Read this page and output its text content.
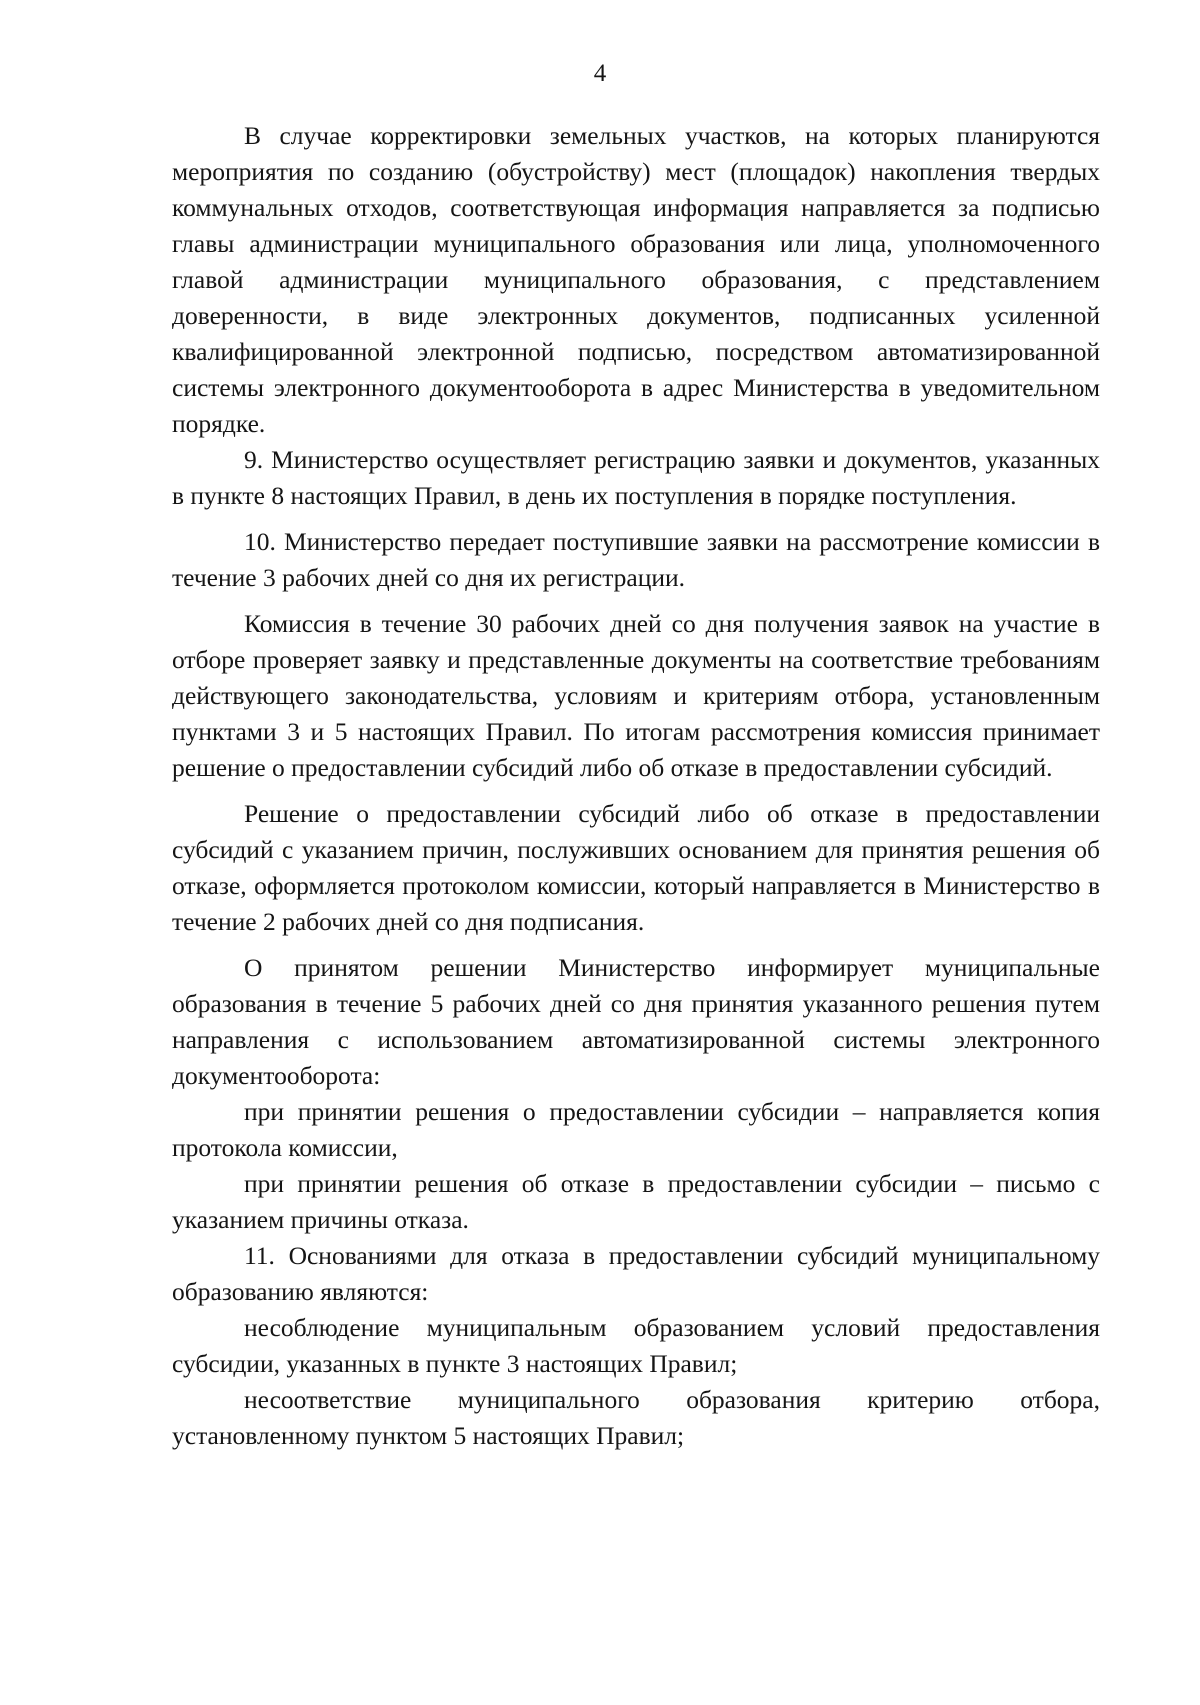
4

В случае корректировки земельных участков, на которых планируются мероприятия по созданию (обустройству) мест (площадок) накопления твердых коммунальных отходов, соответствующая информация направляется за подписью главы администрации муниципального образования или лица, уполномоченного главой администрации муниципального образования, с представлением доверенности, в виде электронных документов, подписанных усиленной квалифицированной электронной подписью, посредством автоматизированной системы электронного документооборота в адрес Министерства в уведомительном порядке.

9. Министерство осуществляет регистрацию заявки и документов, указанных в пункте 8 настоящих Правил, в день их поступления в порядке поступления.

10. Министерство передает поступившие заявки на рассмотрение комиссии в течение 3 рабочих дней со дня их регистрации.

Комиссия в течение 30 рабочих дней со дня получения заявок на участие в отборе проверяет заявку и представленные документы на соответствие требованиям действующего законодательства, условиям и критериям отбора, установленным пунктами 3 и 5 настоящих Правил. По итогам рассмотрения комиссия принимает решение о предоставлении субсидий либо об отказе в предоставлении субсидий.

Решение о предоставлении субсидий либо об отказе в предоставлении субсидий с указанием причин, послуживших основанием для принятия решения об отказе, оформляется протоколом комиссии, который направляется в Министерство в течение 2 рабочих дней со дня подписания.

О принятом решении Министерство информирует муниципальные образования в течение 5 рабочих дней со дня принятия указанного решения путем направления с использованием автоматизированной системы электронного документооборота:

при принятии решения о предоставлении субсидии – направляется копия протокола комиссии,

при принятии решения об отказе в предоставлении субсидии – письмо с указанием причины отказа.

11. Основаниями для отказа в предоставлении субсидий муниципальному образованию являются:

несоблюдение муниципальным образованием условий предоставления субсидии, указанных в пункте 3 настоящих Правил;

несоответствие муниципального образования критерию отбора, установленному пунктом 5 настоящих Правил;
